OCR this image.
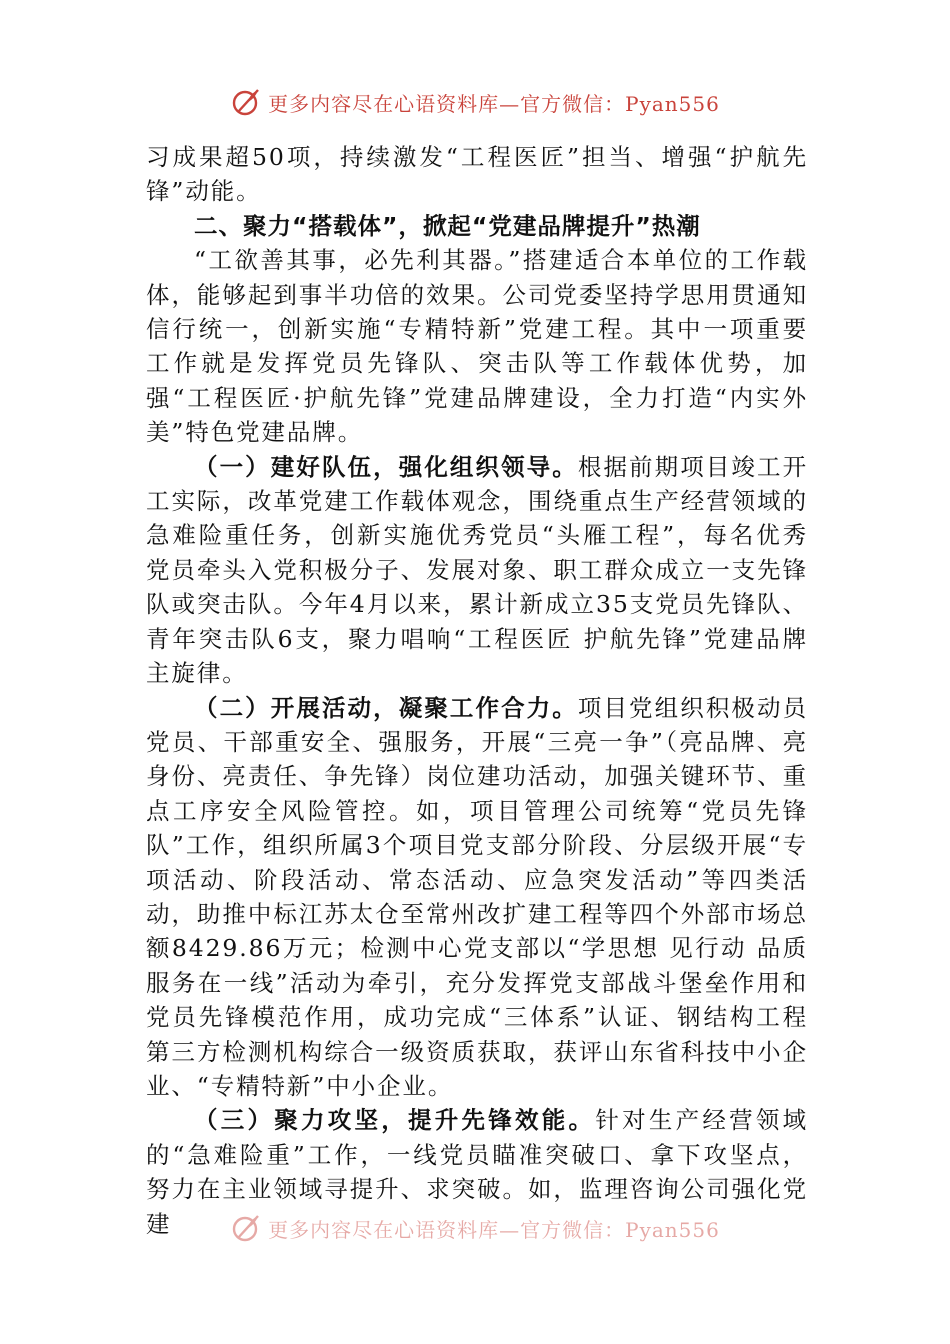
更多内容尽在心语资料库—官方微信：Pyan556

习成果超50项，持续激发“工程医匠”担当、增强“护航先锋”动能。

二、聚力“搭载体”，掀起“党建品牌提升”热潮

“工欲善其事，必先利其器。”搭建适合本单位的工作载体，能够起到事半功倍的效果。公司党委坚持学思用贯通知信行统一，创新实施“专精特新”党建工程。其中一项重要工作就是发挥党员先锋队、突击队等工作载体优势，加强“工程医匠·护航先锋”党建品牌建设，全力打造“内实外美”特色党建品牌。

（一）建好队伍，强化组织领导。根据前期项目竣工开工实际，改革党建工作载体观念，围绕重点生产经营领域的急难险重任务，创新实施优秀党员“头雁工程”，每名优秀党员牵头入党积极分子、发展对象、职工群众成立一支先锋队或突击队。今年4月以来，累计新成立35支党员先锋队、青年突击队6支，聚力唱响“工程医匠 护航先锋”党建品牌主旋律。

（二）开展活动，凝聚工作合力。项目党组织积极动员党员、干部重安全、强服务，开展“三亮一争”（亮品牌、亮身份、亮责任、争先锋）岗位建功活动，加强关键环节、重点工序安全风险管控。如，项目管理公司统筹“党员先锋队”工作，组织所属3个项目党支部分阶段、分层级开展“专项活动、阶段活动、常态活动、应急突发活动”等四类活动，助推中标江苏太仓至常州改扩建工程等四个外部市场总额8429.86万元；检测中心党支部以“学思想 见行动 品质服务在一线”活动为牵引，充分发挥党支部战斗堡垒作用和党员先锋模范作用，成功完成“三体系”认证、钢结构工程第三方检测机构综合一级资质获取，获评山东省科技中小企业、“专精特新”中小企业。

（三）聚力攻坚，提升先锋效能。针对生产经营领域的“急难险重”工作，一线党员瞄准突破口、拿下攻坚点，努力在主业领域寻提升、求突破。如，监理咨询公司强化党建	更多内容尽在心语资料库—官方微信：Pyan556
